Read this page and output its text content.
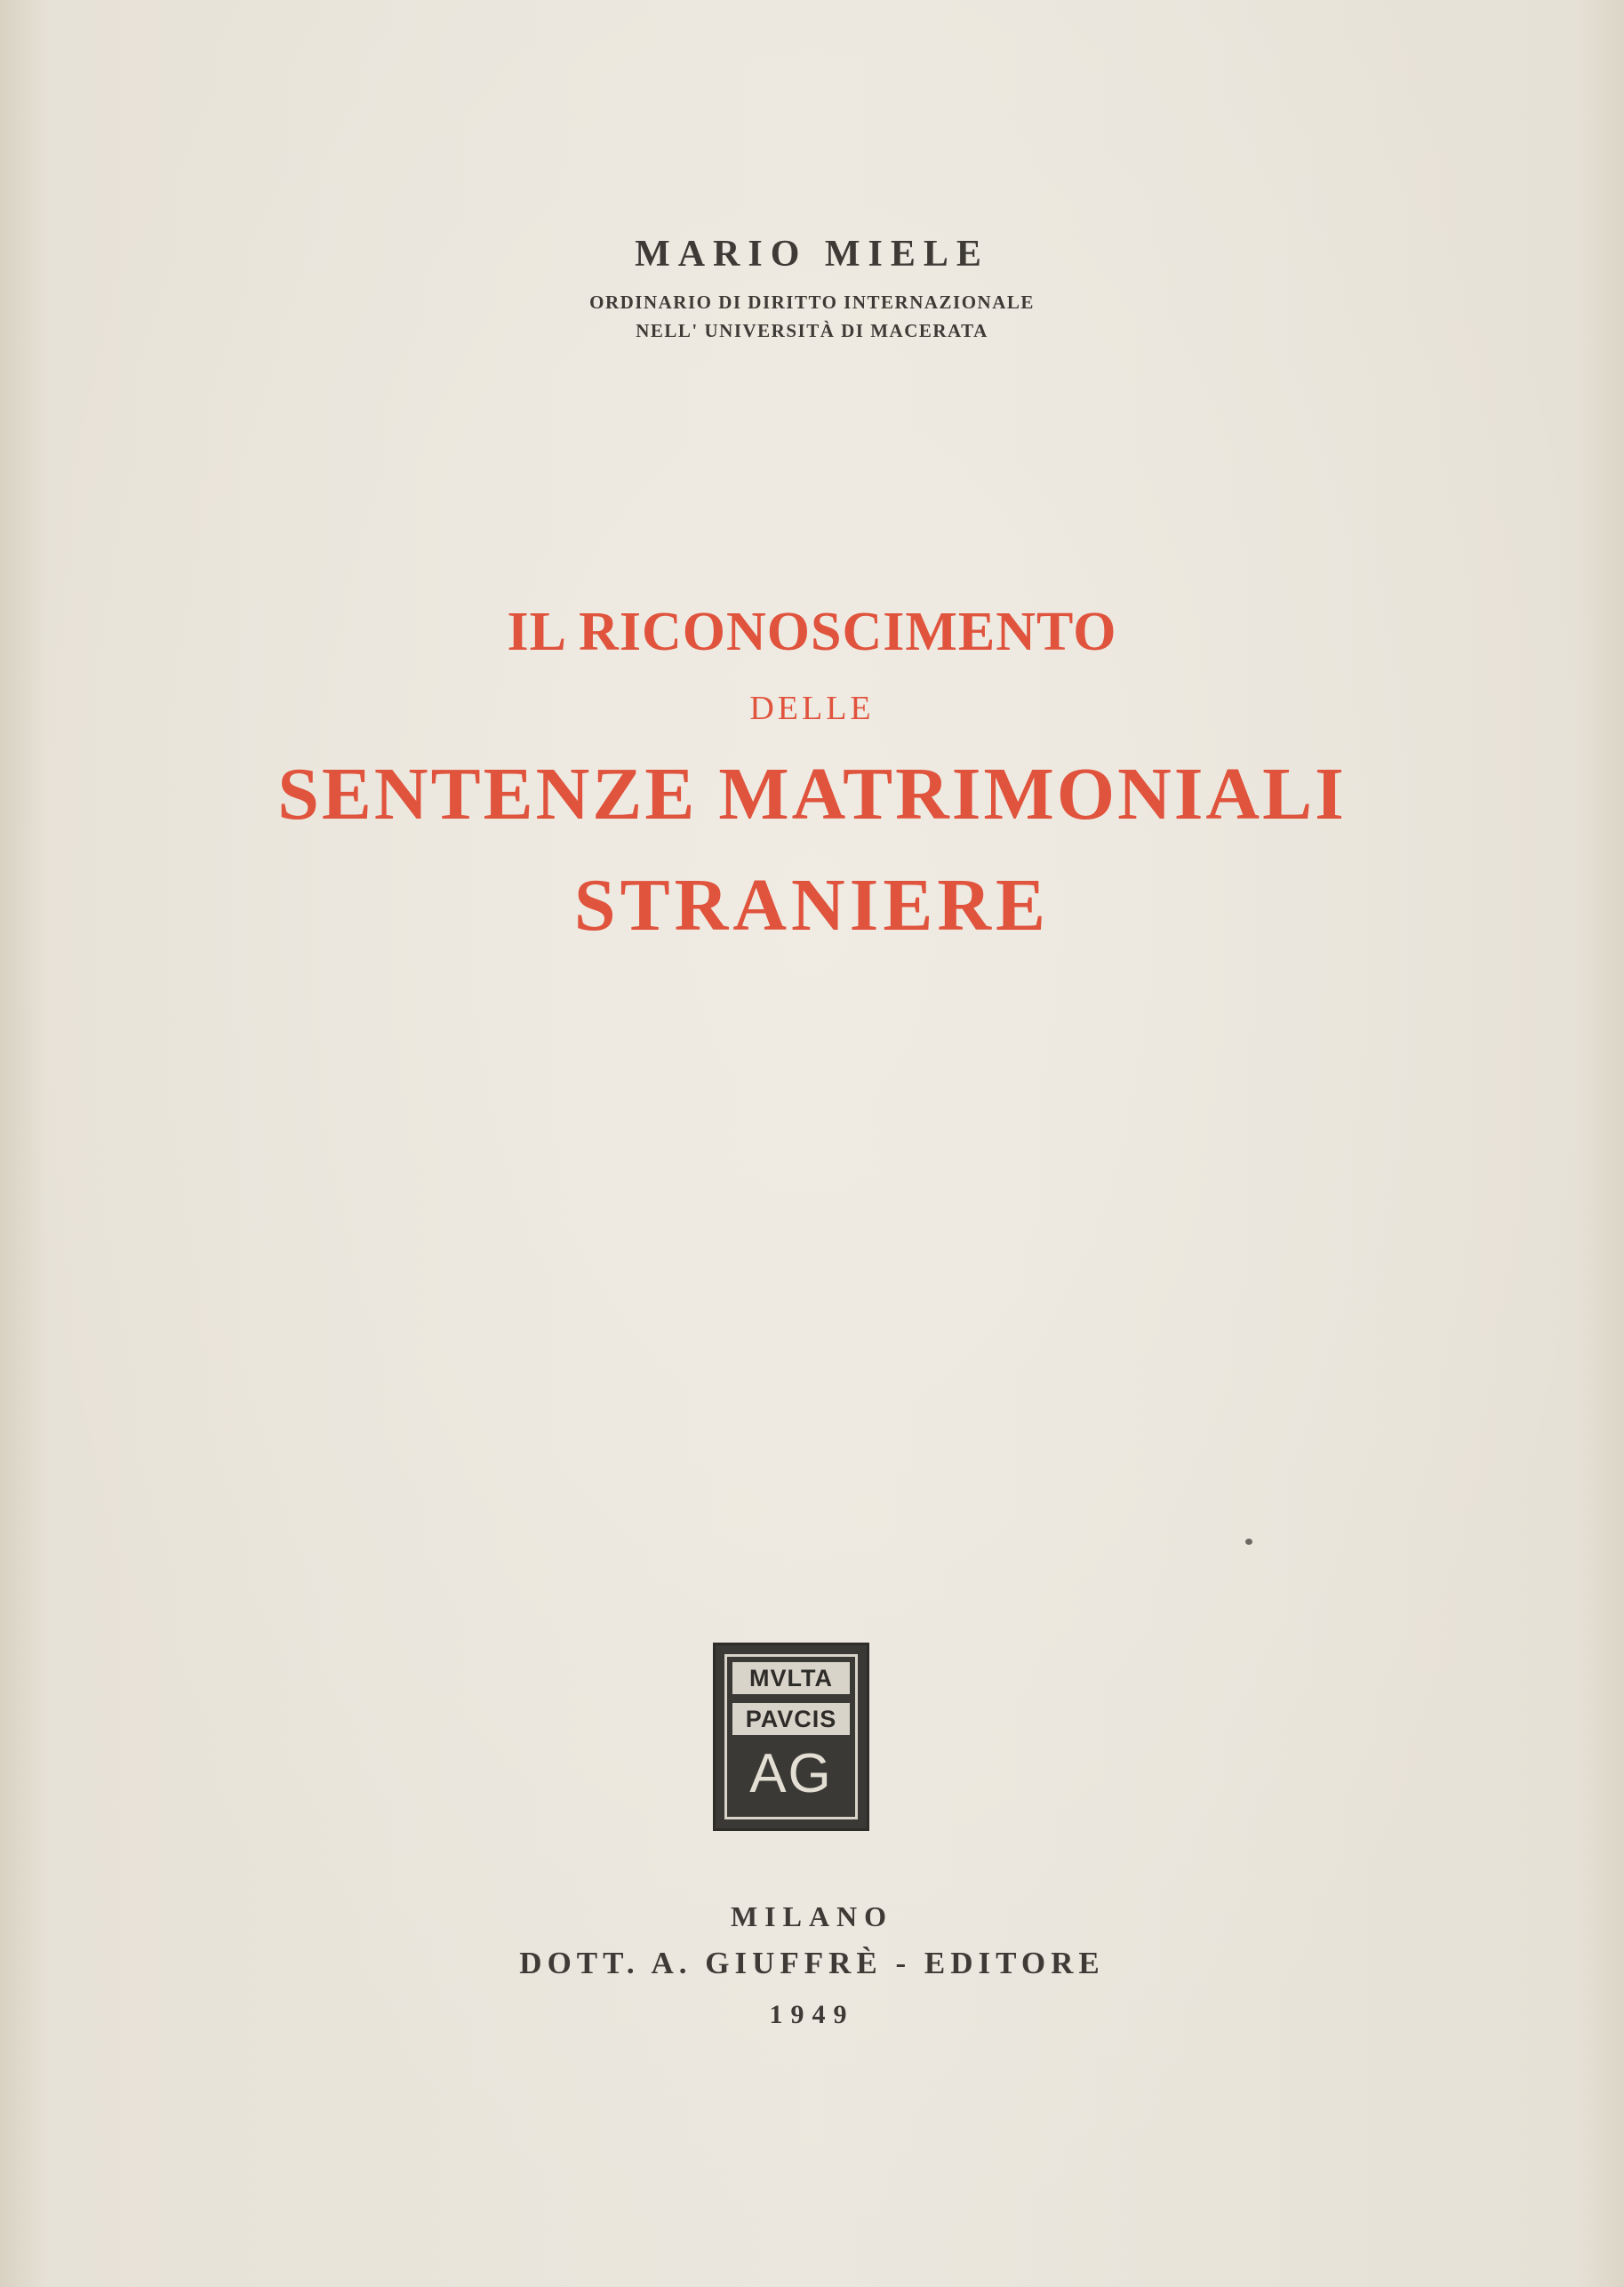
MARIO MIELE

ORDINARIO DI DIRITTO INTERNAZIONALE

NELL' UNIVERSITÀ DI MACERATA

IL RICONOSCIMENTO

DELLE

SENTENZE MATRIMONIALI
STRANIERE
MVLTA
PAVCIS
AG

MILANO

DOTT. A. GIUFFRÈ - EDITORE

1949
